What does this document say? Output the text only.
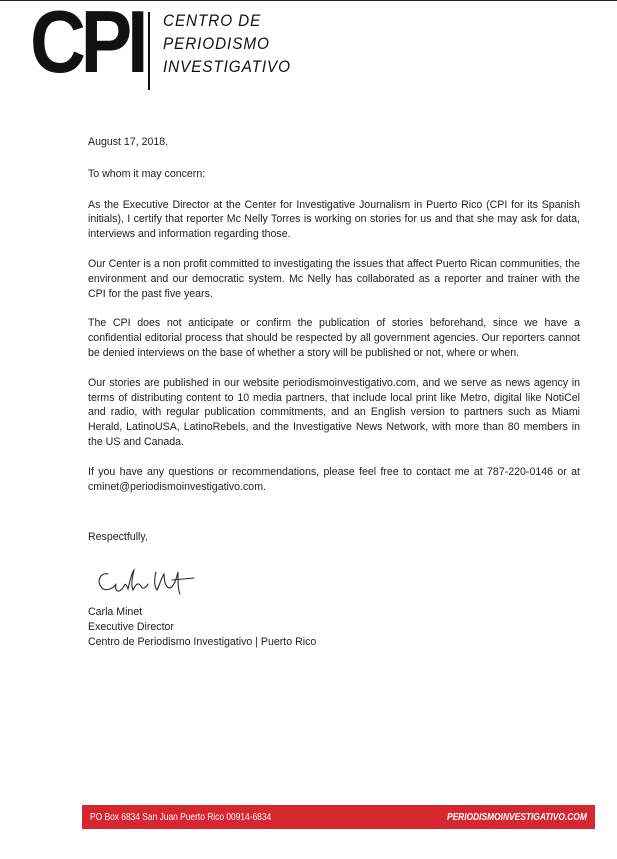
CPI CENTRO DE
PERIODISMO
INVESTIGATIVO

August 17, 2018.

To whom it may concern:

As the Executive Director at the Center for Investigative Journalism in Puerto Rico (CPI for its Spanish initials), I certify that reporter Mc Nelly Torres is working on stories for us and that she may ask for data, interviews and information regarding those.

Our Center is a non profit committed to investigating the issues that affect Puerto Rican communities, the environment and our democratic system. Mc Nelly has collaborated as a reporter and trainer with the CPI for the past five years.

The CPI does not anticipate or confirm the publication of stories beforehand, since we have a confidential editorial process that should be respected by all government agencies. Our reporters cannot be denied interviews on the base of whether a story will be published or not, where or when.

Our stories are published in our website periodismoinvestigativo.com, and we serve as news agency in terms of distributing content to 10 media partners, that include local print like Metro, digital like NotiCel and radio, with regular publication commitments, and an English version to partners such as Miami Herald, LatinoUSA, LatinoRebels, and the Investigative News Network, with more than 80 members in the US and Canada.

If you have any questions or recommendations, please feel free to contact me at 787-220-0146 or at cminet@periodismoinvestigativo.com.

Respectfully,

Carla Minet
Executive Director
Centro de Periodismo Investigativo | Puerto Rico
PO Box 6834 San Juan Puerto Rico 00914-6834	PERIODISMOINVESTIGATIVO.COM
